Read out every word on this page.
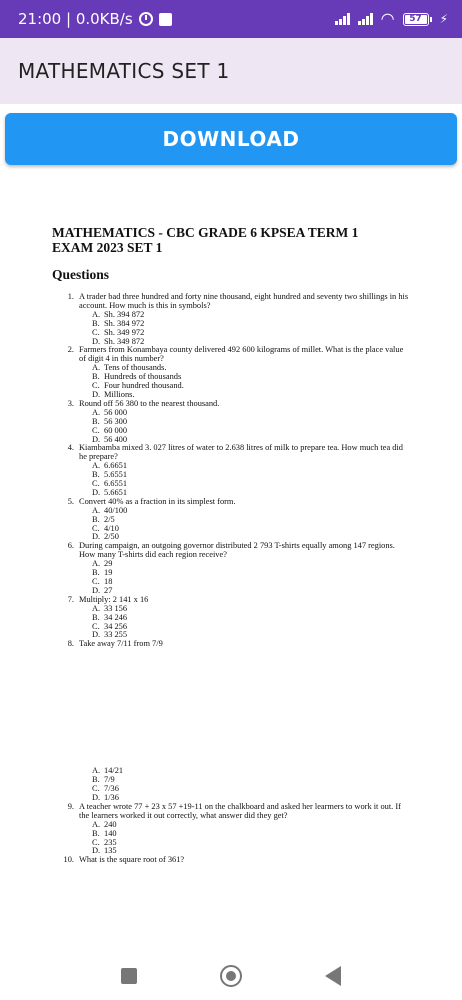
21:00 | 0.0KB/s	◠	57	⚡
MATHEMATICS SET 1
DOWNLOAD
MATHEMATICS - CBC GRADE 6 KPSEA TERM 1 EXAM 2023 SET 1
Questions
1. A trader bad three hundred and forty nine thousand, eight hundred and seventy two shillings in his account. How much is this in symbols?
A. Sh. 394 872
B. Sh. 384 972
C. Sh. 349 972
D. Sh. 349 872
2. Farmers from Konambaya county delivered 492 600 kilograms of millet. What is the place value of digit 4 in this number?
A. Tens of thousands.
B. Hundreds of thousands
C. Four hundred thousand.
D. Millions.
3. Round off 56 380 to the nearest thousand.
A. 56 000
B. 56 300
C. 60 000
D. 56 400
4. Kiambamba mixed 3. 027 litres of water to 2.638 litres of milk to prepare tea. How much tea did he prepare?
A. 6.6651
B. 5.6551
C. 6.6551
D. 5.6651
5. Convert 40% as a fraction in its simplest form.
A. 40/100
B. 2/5
C. 4/10
D. 2/50
6. During campaign, an outgoing governor distributed 2 793 T-shirts equally among 147 regions. How many T-shirts did each region receive?
A. 29
B. 19
C. 18
D. 27
7. Multiply: 2 141 x 16
A. 33 156
B. 34 246
C. 34 256
D. 33 255
8. Take away 7/11 from 7/9
A. 14/21
B. 7/9
C. 7/36
D. 1/36
9. A teacher wrote 77 + 23 x 57 +19-11 on the chalkboard and asked her learmers to work it out. If the learners worked it out correctly, what answer did they get?
A. 240
B. 140
C. 235
D. 135
10. What is the square root of 361?
